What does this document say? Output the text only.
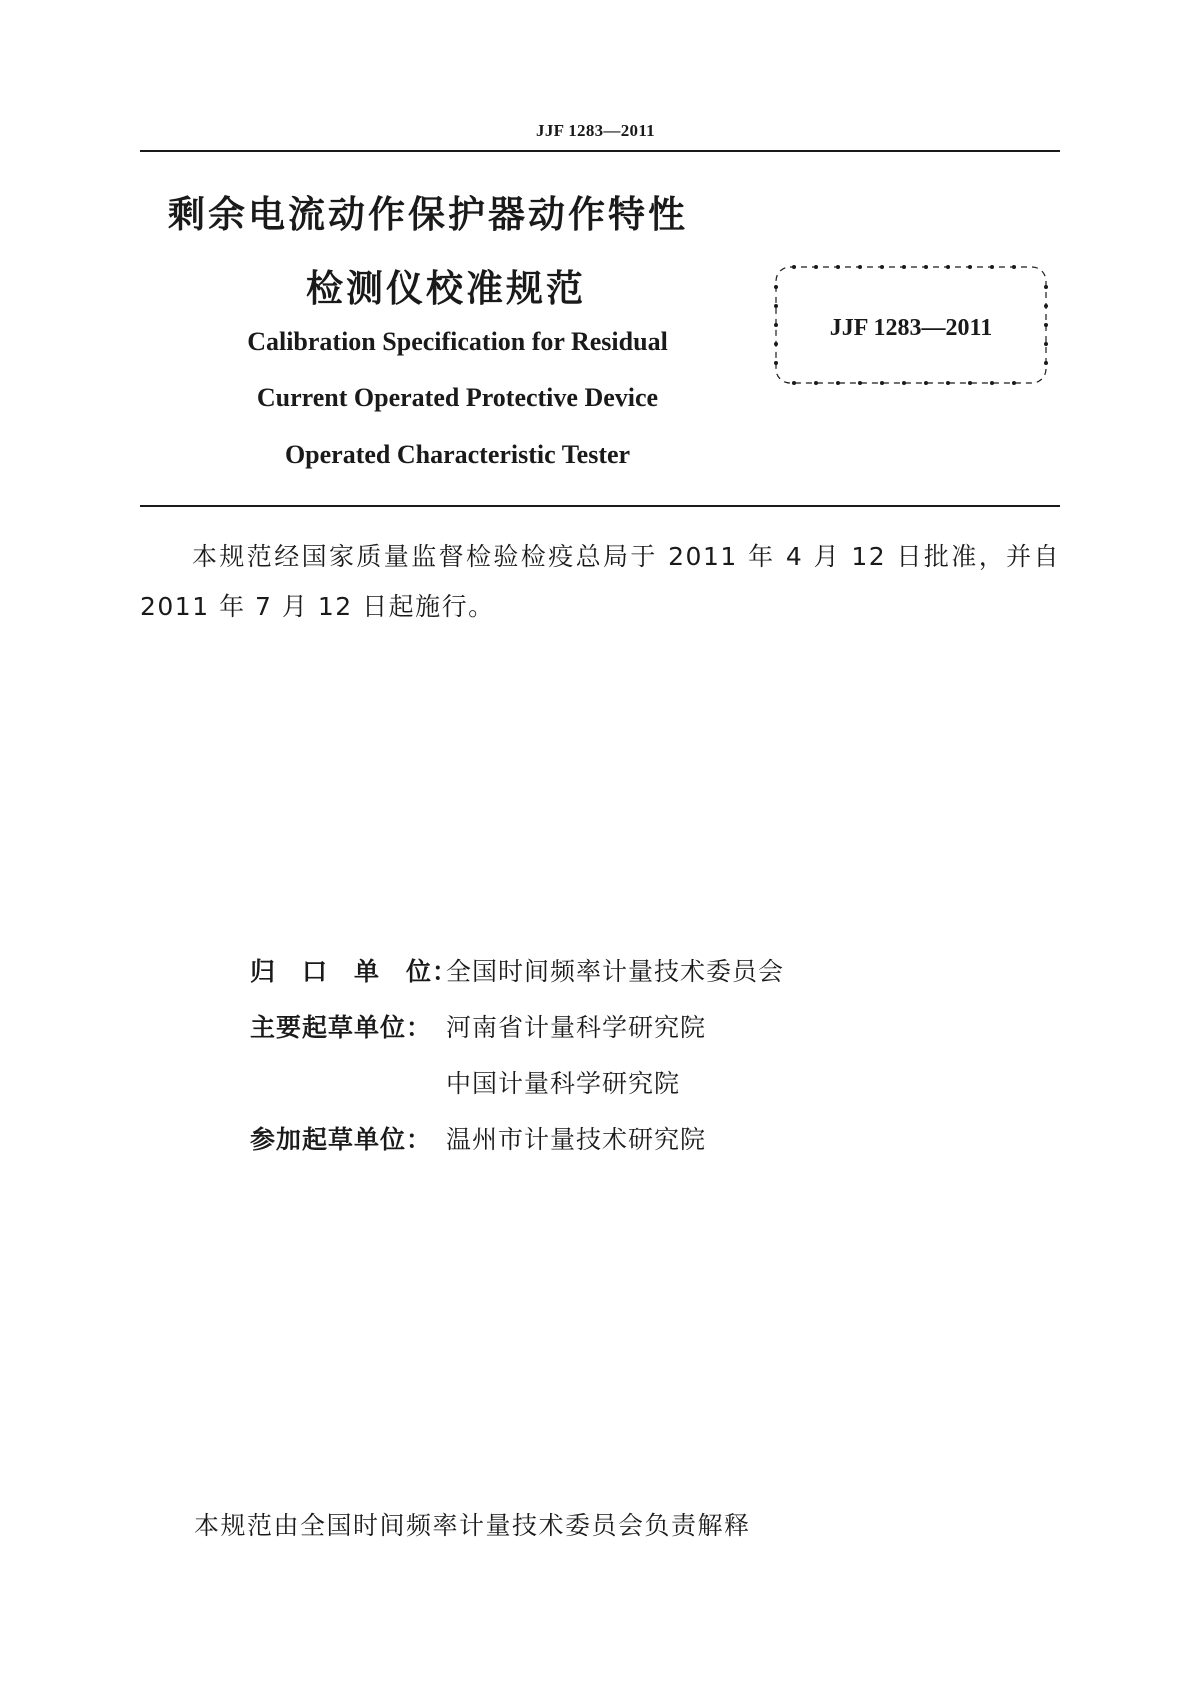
JJF 1283—2011
剩余电流动作保护器动作特性
检测仪校准规范
Calibration Specification for Residual
Current Operated Protective Device
Operated Characteristic Tester
JJF 1283—2011
本规范经国家质量监督检验检疫总局于 2011 年 4 月 12 日批准，并自 2011 年 7 月 12 日起施行。
归　口　单　位：全国时间频率计量技术委员会
主要起草单位： 河南省计量科学研究院
中国计量科学研究院
参加起草单位： 温州市计量技术研究院
本规范由全国时间频率计量技术委员会负责解释
